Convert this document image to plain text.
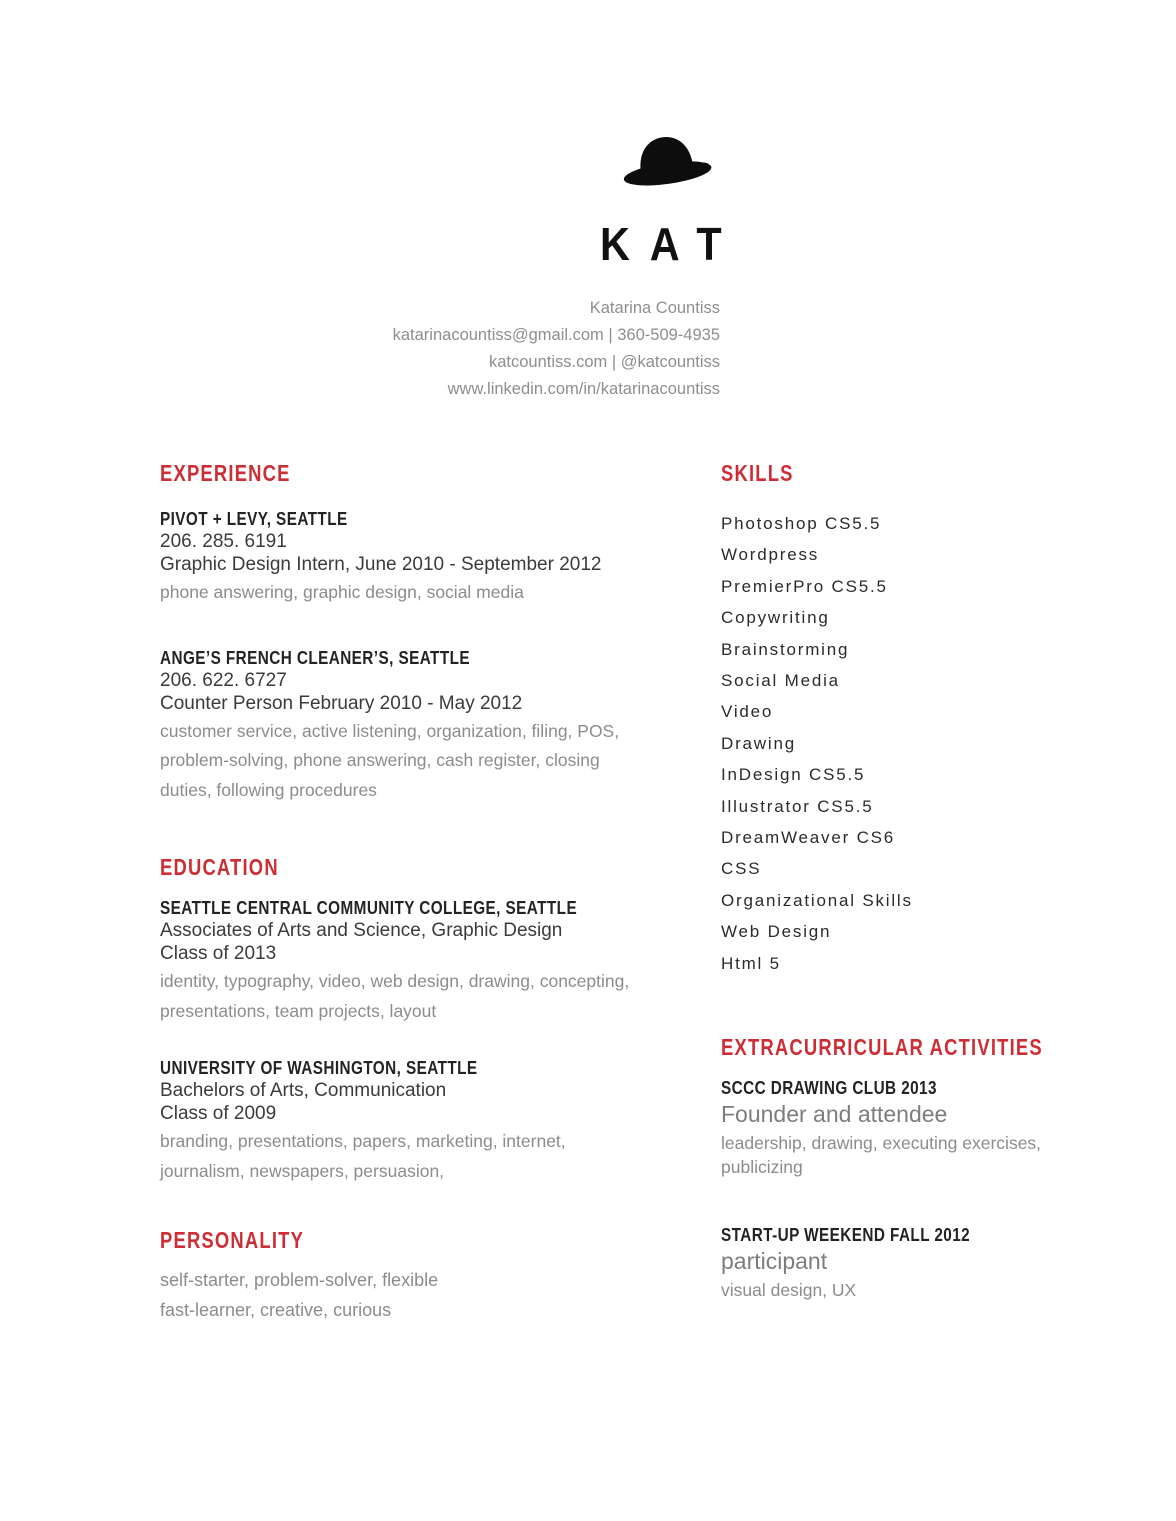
KAT
Katarina Countiss
katarinacountiss@gmail.com | 360-509-4935
katcountiss.com | @katcountiss
www.linkedin.com/in/katarinacountiss
EXPERIENCE
PIVOT + LEVY, SEATTLE
206. 285. 6191
Graphic Design Intern, June 2010 - September 2012
phone answering, graphic design, social media
ANGE’S FRENCH CLEANER’S, SEATTLE
206. 622. 6727
Counter Person February 2010 - May 2012
customer service, active listening, organization, filing, POS, problem-solving, phone answering, cash register, closing duties, following procedures
EDUCATION
SEATTLE CENTRAL COMMUNITY COLLEGE, SEATTLE
Associates of Arts and Science, Graphic Design
Class of 2013
identity, typography, video, web design, drawing, concepting, presentations, team projects, layout
UNIVERSITY OF WASHINGTON, SEATTLE
Bachelors of Arts, Communication
Class of 2009
branding, presentations, papers, marketing, internet, journalism, newspapers, persuasion,
PERSONALITY
self-starter, problem-solver, flexible
fast-learner, creative, curious
SKILLS
Photoshop CS5.5
Wordpress
PremierPro CS5.5
Copywriting
Brainstorming
Social Media
Video
Drawing
InDesign CS5.5
Illustrator CS5.5
DreamWeaver CS6
CSS
Organizational Skills
Web Design
Html 5
EXTRACURRICULAR ACTIVITIES
SCCC DRAWING CLUB 2013
Founder and attendee
leadership, drawing, executing exercises, publicizing
START-UP WEEKEND FALL 2012
participant
visual design, UX
